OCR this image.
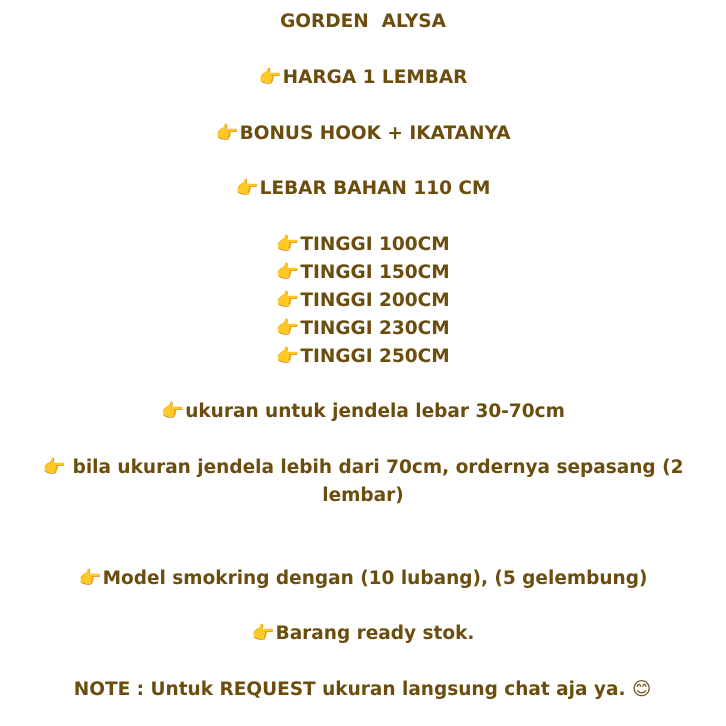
GORDEN  ALYSA
👉HARGA 1 LEMBAR
👉BONUS HOOK + IKATANYA
👉LEBAR BAHAN 110 CM
👉TINGGI 100CM
👉TINGGI 150CM
👉TINGGI 200CM
👉TINGGI 230CM
👉TINGGI 250CM
👉ukuran untuk jendela lebar 30-70cm
👉 bila ukuran jendela lebih dari 70cm, ordernya sepasang (2 lembar)
👉Model smokring dengan (10 lubang), (5 gelembung)
👉Barang ready stok.
NOTE : Untuk REQUEST ukuran langsung chat aja ya. 😊
